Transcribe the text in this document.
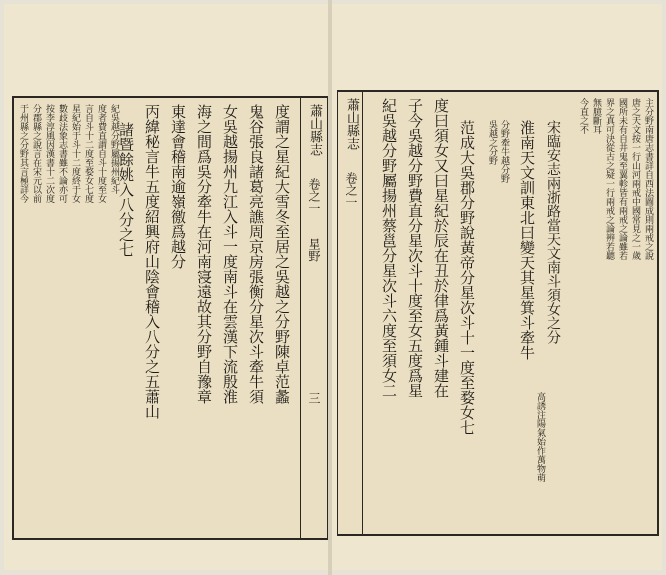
蕭山縣志
卷之一
星野
三
度謂之星紀大雪冬至居之吳越之分野陳卓范蠡
鬼谷張良諸葛亮譙周京房張衡分星次斗牽牛須
女吳越揚州九江入斗一度南斗在雲漢下流殷淮
海之間爲吳分牽牛在河南寖遠故其分野自豫章
東達會稽南逾嶺徼爲越分
丙緯秘言牛五度紹興府山陰會稽入八分之五蕭山
諸暨餘姚入八分之七
于州縣之分野其言極詳今 分郡縣之說言在宋元以前 按李淳風因漢書十二次度 數歧法象志書雖不論亦可 星紀始于斗十二度終于女 言自斗十二度至婺女七度 度者費直謂自斗十度至女 紀吳越分野屬揚州紀斗	蕭山縣志
卷之一	主分野南唐志書詳自西法圖成則兩戒之說
唐之天文按一行山河兩戒中國常見之一歲
國所未有自井鬼至翼軫皆有兩戒之論雖若
界之真可決從古之疑一行兩戒之論辨若聽
無臆斷耳
今直之不
宋臨安志兩浙路當天文南斗須女之分
淮南天文訓東北曰變天其星箕斗牽牛
高誘注陽氣始作萬物萌
分野牽牛越分野
吳越之分野
范成大吳郡分野說黃帝分星次斗十一度至婺女七
度曰須女又曰星紀於辰在丑於律爲黃鍾斗建在
子今吳越分野費直分星次斗十度至女五度爲星
紀吳越分野屬揚州蔡邕分星次斗六度至須女二
